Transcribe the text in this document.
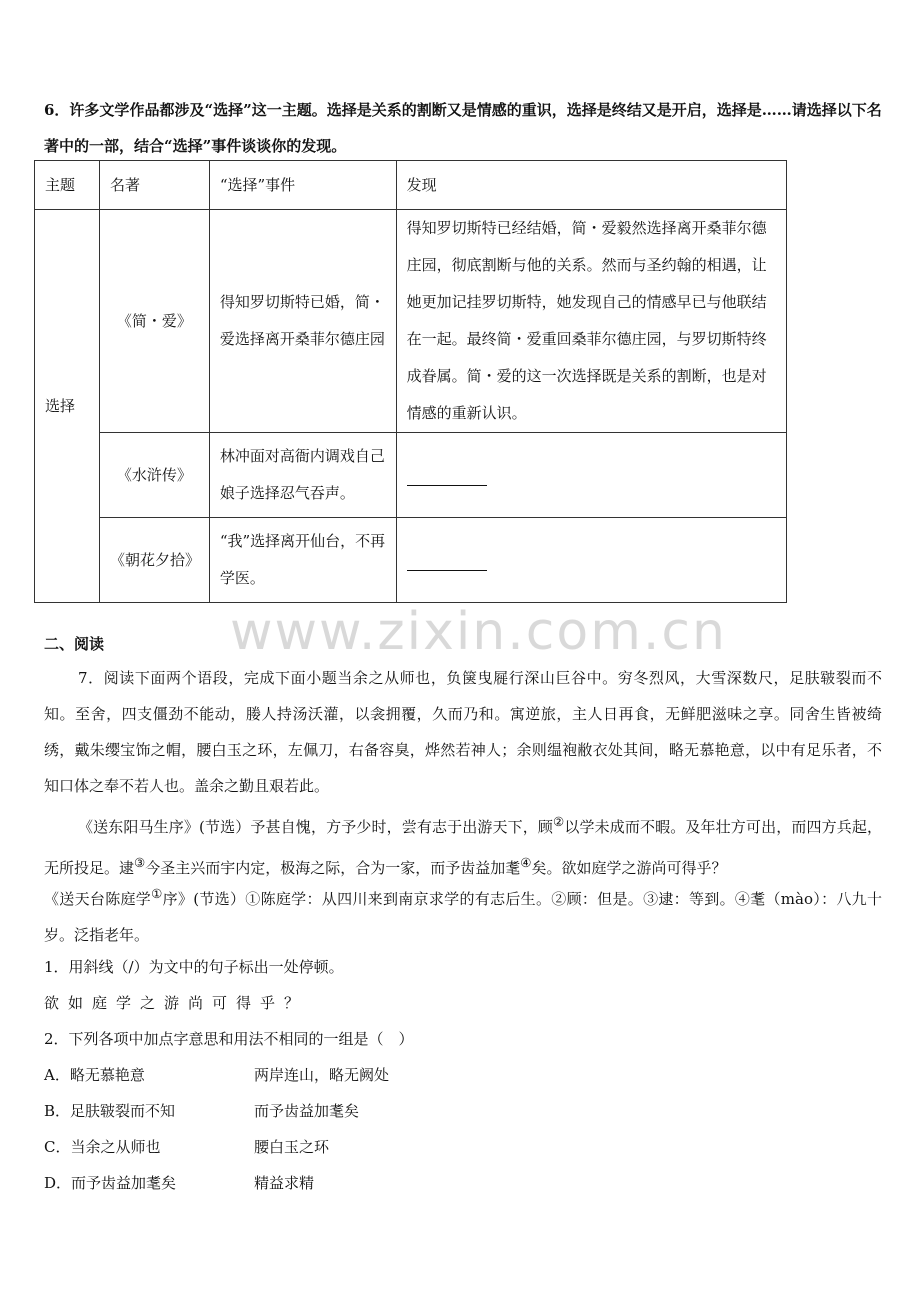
6．许多文学作品都涉及“选择”这一主题。选择是关系的割断又是情感的重识，选择是终结又是开启，选择是……请选择以下名著中的一部，结合“选择”事件谈谈你的发现。
主题	名著	“选择”事件	发现
选择	《简・爱》	得知罗切斯特已婚，简・爱选择离开桑菲尔德庄园	得知罗切斯特已经结婚，简・爱毅然选择离开桑菲尔德庄园，彻底割断与他的关系。然而与圣约翰的相遇，让她更加记挂罗切斯特，她发现自己的情感早已与他联结在一起。最终简・爱重回桑菲尔德庄园，与罗切斯特终成眷属。简・爱的这一次选择既是关系的割断，也是对情感的重新认识。
	《水浒传》	林冲面对高衙内调戏自己娘子选择忍气吞声。	
	《朝花夕拾》	“我”选择离开仙台，不再学医。	
www.zixin.com.cn
二、阅读
7．阅读下面两个语段，完成下面小题当余之从师也，负箧曳屣行深山巨谷中。穷冬烈风，大雪深数尺，足肤皲裂而不知。至舍，四支僵劲不能动，媵人持汤沃灌，以衾拥覆，久而乃和。寓逆旅，主人日再食，无鲜肥滋味之享。同舍生皆被绮绣，戴朱缨宝饰之帽，腰白玉之环，左佩刀，右备容臭，烨然若神人；余则缊袍敝衣处其间，略无慕艳意，以中有足乐者，不知口体之奉不若人也。盖余之勤且艰若此。
《送东阳马生序》(节选）予甚自愧，方予少时，尝有志于出游天下，顾②以学未成而不暇。及年壮方可出，而四方兵起，无所投足。逮③今圣主兴而宇内定，极海之际，合为一家，而予齿益加耄④矣。欲如庭学之游尚可得乎？
《送天台陈庭学①序》(节选）①陈庭学：从四川来到南京求学的有志后生。②顾：但是。③逮：等到。④耄（mào）：八九十岁。泛指老年。
1．用斜线（/）为文中的句子标出一处停顿。
欲如庭学之游尚可得乎？
2．下列各项中加点字意思和用法不相同的一组是（　）
A．略无慕艳意	两岸连山，略无阙处
B．足肤皲裂而不知	而予齿益加耄矣
C．当余之从师也	腰白玉之环
D．而予齿益加耄矣	精益求精
